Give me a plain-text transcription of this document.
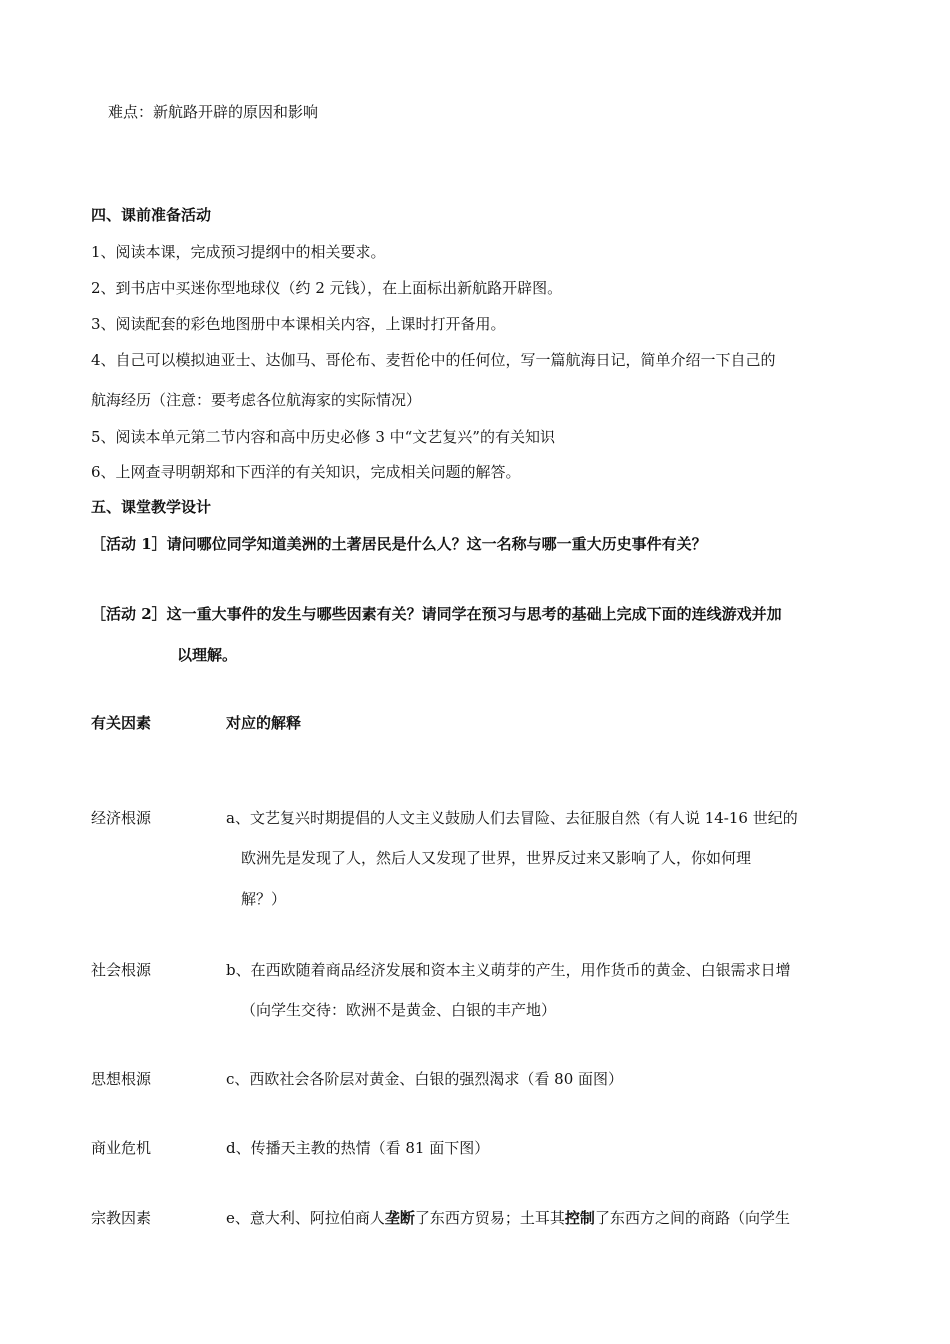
难点：新航路开辟的原因和影响
四、课前准备活动
1、阅读本课，完成预习提纲中的相关要求。
2、到书店中买迷你型地球仪（约 2 元钱），在上面标出新航路开辟图。
3、阅读配套的彩色地图册中本课相关内容，上课时打开备用。
4、自己可以模拟迪亚士、达伽马、哥伦布、麦哲伦中的任何位，写一篇航海日记，简单介绍一下自己的
航海经历（注意：要考虑各位航海家的实际情况）
5、阅读本单元第二节内容和高中历史必修 3 中“文艺复兴”的有关知识
6、上网查寻明朝郑和下西洋的有关知识，完成相关问题的解答。
五、课堂教学设计
［活动 1］请问哪位同学知道美洲的土著居民是什么人？这一名称与哪一重大历史事件有关？
［活动 2］这一重大事件的发生与哪些因素有关？请同学在预习与思考的基础上完成下面的连线游戏并加
以理解。
有关因素	对应的解释
经济根源	a、文艺复兴时期提倡的人文主义鼓励人们去冒险、去征服自然（有人说 14-16 世纪的
欧洲先是发现了人，然后人又发现了世界，世界反过来又影响了人，你如何理
解？）
社会根源	b、在西欧随着商品经济发展和资本主义萌芽的产生，用作货币的黄金、白银需求日增
（向学生交待：欧洲不是黄金、白银的丰产地）
思想根源	c、西欧社会各阶层对黄金、白银的强烈渴求（看 80 面图）
商业危机	d、传播天主教的热情（看 81 面下图）
宗教因素	e、意大利、阿拉伯商人垄断了东西方贸易；土耳其控制了东西方之间的商路（向学生
